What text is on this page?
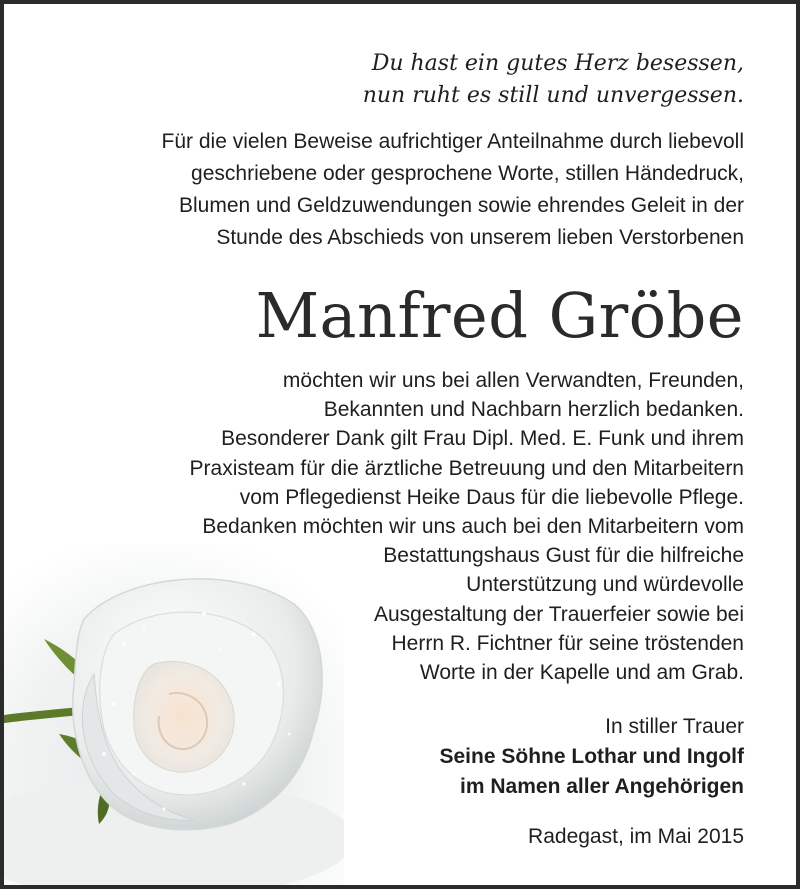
Du hast ein gutes Herz besessen,
nun ruht es still und unvergessen.
Für die vielen Beweise aufrichtiger Anteilnahme durch liebevoll
geschriebene oder gesprochene Worte, stillen Händedruck,
Blumen und Geldzuwendungen sowie ehrendes Geleit in der
Stunde des Abschieds von unserem lieben Verstorbenen
Manfred Gröbe
möchten wir uns bei allen Verwandten, Freunden,
Bekannten und Nachbarn herzlich bedanken.
Besonderer Dank gilt Frau Dipl. Med. E. Funk und ihrem
Praxisteam für die ärztliche Betreuung und den Mitarbeitern
vom Pflegedienst Heike Daus für die liebevolle Pflege.
Bedanken möchten wir uns auch bei den Mitarbeitern vom
Bestattungshaus Gust für die hilfreiche
Unterstützung und würdevolle
Ausgestaltung der Trauerfeier sowie bei
Herrn R. Fichtner für seine tröstenden
Worte in der Kapelle und am Grab.
In stiller Trauer
Seine Söhne Lothar und Ingolf
im Namen aller Angehörigen
Radegast, im Mai 2015
